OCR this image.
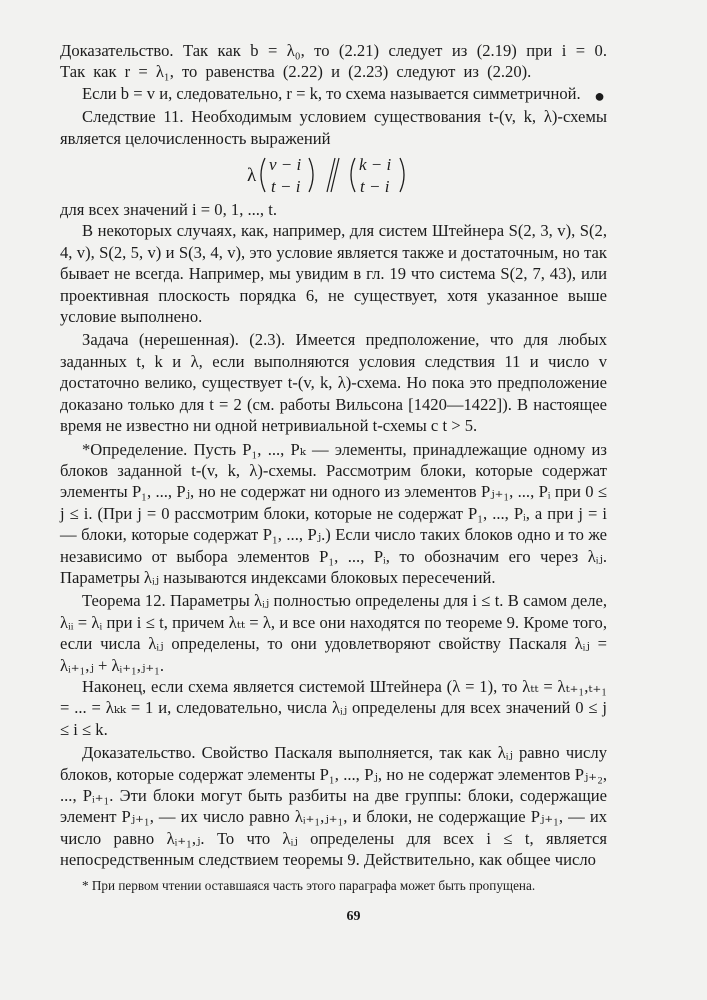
Доказательство. Так как b = λ₀, то (2.21) следует из (2.19) при i = 0. Так как r = λ₁, то равенства (2.22) и (2.23) следуют из (2.20).

●

Если b = v и, следовательно, r = k, то схема называется симметричной.

Следствие 11. Необходимым условием существования t-(v, k, λ)-схемы является целочисленность выражений

λ
v − i
t − i
k − i
t − i

для всех значений i = 0, 1, ..., t.

В некоторых случаях, как, например, для систем Штейнера S(2, 3, v), S(2, 4, v), S(2, 5, v) и S(3, 4, v), это условие является также и достаточным, но так бывает не всегда. Например, мы увидим в гл. 19 что система S(2, 7, 43), или проективная плоскость порядка 6, не существует, хотя указанное выше условие выполнено.

Задача (нерешенная). (2.3). Имеется предположение, что для любых заданных t, k и λ, если выполняются условия следствия 11 и число v достаточно велико, существует t-(v, k, λ)-схема. Но пока это предположение доказано только для t = 2 (см. работы Вильсона [1420—1422]). В настоящее время не известно ни одной нетривиальной t-схемы с t > 5.

*Определение. Пусть P₁, ..., Pₖ — элементы, принадлежащие одному из блоков заданной t-(v, k, λ)-схемы. Рассмотрим блоки, которые содержат элементы P₁, ..., Pⱼ, но не содержат ни одного из элементов Pⱼ₊₁, ..., Pᵢ при 0 ≤ j ≤ i. (При j = 0 рассмотрим блоки, которые не содержат P₁, ..., Pᵢ, а при j = i — блоки, которые содержат P₁, ..., Pⱼ.) Если число таких блоков одно и то же независимо от выбора элементов P₁, ..., Pᵢ, то обозначим его через λᵢⱼ. Параметры λᵢⱼ называются индексами блоковых пересечений.

Теорема 12. Параметры λᵢⱼ полностью определены для i ≤ t. В самом деле, λᵢᵢ = λᵢ при i ≤ t, причем λₜₜ = λ, и все они находятся по теореме 9. Кроме того, если числа λᵢⱼ определены, то они удовлетворяют свойству Паскаля λᵢⱼ = λᵢ₊₁,ⱼ + λᵢ₊₁,ⱼ₊₁.

Наконец, если схема является системой Штейнера (λ = 1), то λₜₜ = λₜ₊₁,ₜ₊₁ = ... = λₖₖ = 1 и, следовательно, числа λᵢⱼ определены для всех значений 0 ≤ j ≤ i ≤ k.

Доказательство. Свойство Паскаля выполняется, так как λᵢⱼ равно числу блоков, которые содержат элементы P₁, ..., Pⱼ, но не содержат элементов Pⱼ₊₂, ..., Pᵢ₊₁. Эти блоки могут быть разбиты на две группы: блоки, содержащие элемент Pⱼ₊₁, — их число равно λᵢ₊₁,ⱼ₊₁, и блоки, не содержащие Pⱼ₊₁, — их число равно λᵢ₊₁,ⱼ. То что λᵢⱼ определены для всех i ≤ t, является непосредственным следствием теоремы 9. Действительно, как общее число

* При первом чтении оставшаяся часть этого параграфа может быть пропущена.
69
